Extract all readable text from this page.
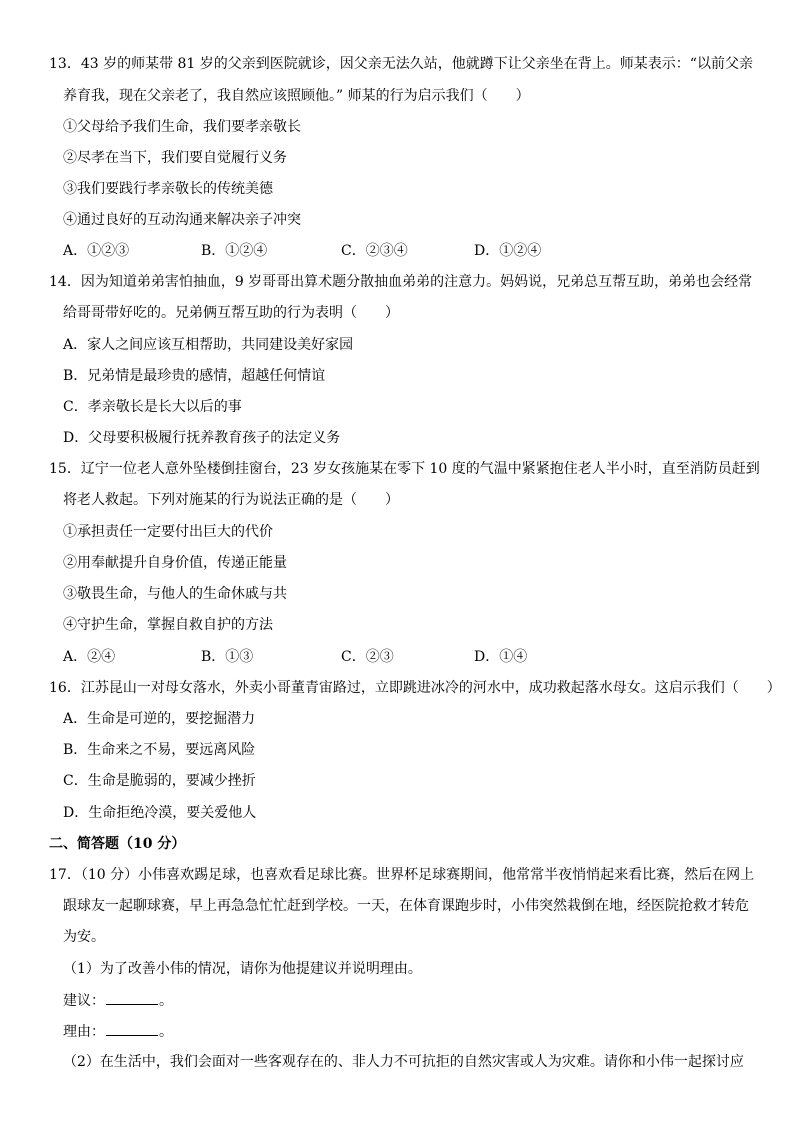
13．43 岁的师某带 81 岁的父亲到医院就诊，因父亲无法久站，他就蹲下让父亲坐在背上。师某表示：“以前父亲
养育我，现在父亲老了，我自然应该照顾他。” 师某的行为启示我们（　　）
①父母给予我们生命，我们要孝亲敬长
②尽孝在当下，我们要自觉履行义务
③我们要践行孝亲敬长的传统美德
④通过良好的互动沟通来解决亲子冲突
A．①②③	B．①②④	C．②③④	D．①②④
14．因为知道弟弟害怕抽血，9 岁哥哥出算术题分散抽血弟弟的注意力。妈妈说，兄弟总互帮互助，弟弟也会经常
给哥哥带好吃的。兄弟俩互帮互助的行为表明（　　）
A．家人之间应该互相帮助，共同建设美好家园
B．兄弟情是最珍贵的感情，超越任何情谊
C．孝亲敬长是长大以后的事
D．父母要积极履行抚养教育孩子的法定义务
15．辽宁一位老人意外坠楼倒挂窗台，23 岁女孩施某在零下 10 度的气温中紧紧抱住老人半小时，直至消防员赶到
将老人救起。下列对施某的行为说法正确的是（　　）
①承担责任一定要付出巨大的代价
②用奉献提升自身价值，传递正能量
③敬畏生命，与他人的生命休戚与共
④守护生命，掌握自救自护的方法
A．②④	B．①③	C．②③	D．①④
16．江苏昆山一对母女落水，外卖小哥董青宙路过，立即跳进冰冷的河水中，成功救起落水母女。这启示我们（　　）
A．生命是可逆的，要挖掘潜力
B．生命来之不易，要远离风险
C．生命是脆弱的，要减少挫折
D．生命拒绝冷漠，要关爱他人
二、简答题（10 分）
17．（10 分）小伟喜欢踢足球，也喜欢看足球比赛。世界杯足球赛期间，他常常半夜悄悄起来看比赛，然后在网上
跟球友一起聊球赛，早上再急急忙忙赶到学校。一天，在体育课跑步时，小伟突然栽倒在地，经医院抢救才转危
为安。
（1）为了改善小伟的情况，请你为他提建议并说明理由。
建议：	。
理由：	。
（2）在生活中，我们会面对一些客观存在的、非人力不可抗拒的自然灾害或人为灾难。请你和小伟一起探讨应
